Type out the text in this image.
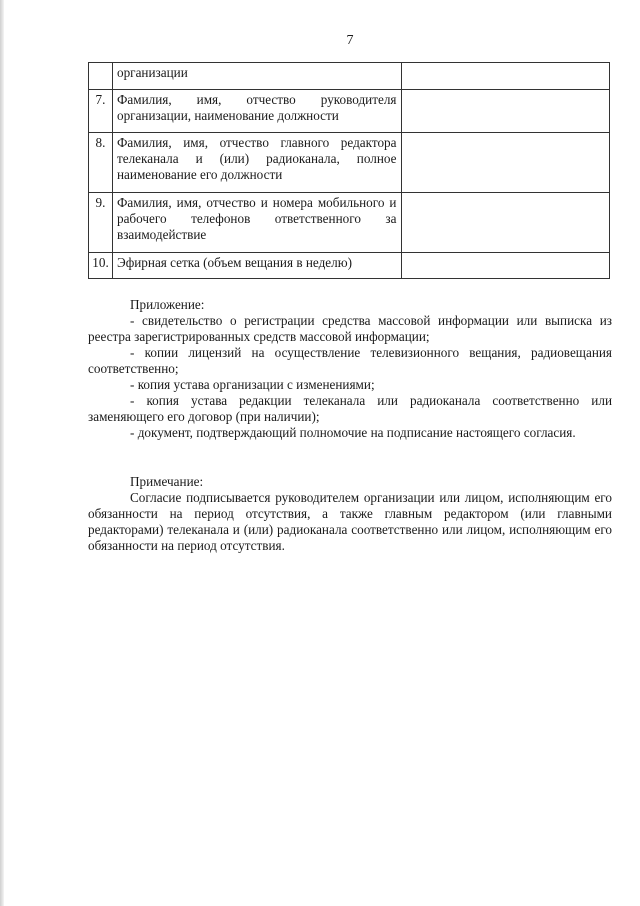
7
	организации	
7.	Фамилия, имя, отчество руководителя организации, наименование должности	
8.	Фамилия, имя, отчество главного редактора телеканала и (или) радиоканала, полное наименование его должности	
9.	Фамилия, имя, отчество и номера мобильного и рабочего телефонов ответственного за взаимодействие	
10.	Эфирная сетка (объем вещания в неделю)	

Приложение:

- свидетельство о регистрации средства массовой информации или выписка из реестра зарегистрированных средств массовой информации;

- копии лицензий на осуществление телевизионного вещания, радиовещания соответственно;

- копия устава организации с изменениями;

- копия устава редакции телеканала или радиоканала соответственно или заменяющего его договор (при наличии);

- документ, подтверждающий полномочие на подписание настоящего согласия.

Примечание:

Согласие подписывается руководителем организации или лицом, исполняющим его обязанности на период отсутствия, а также главным редактором (или главными редакторами) телеканала и (или) радиоканала соответственно или лицом, исполняющим его обязанности на период отсутствия.
